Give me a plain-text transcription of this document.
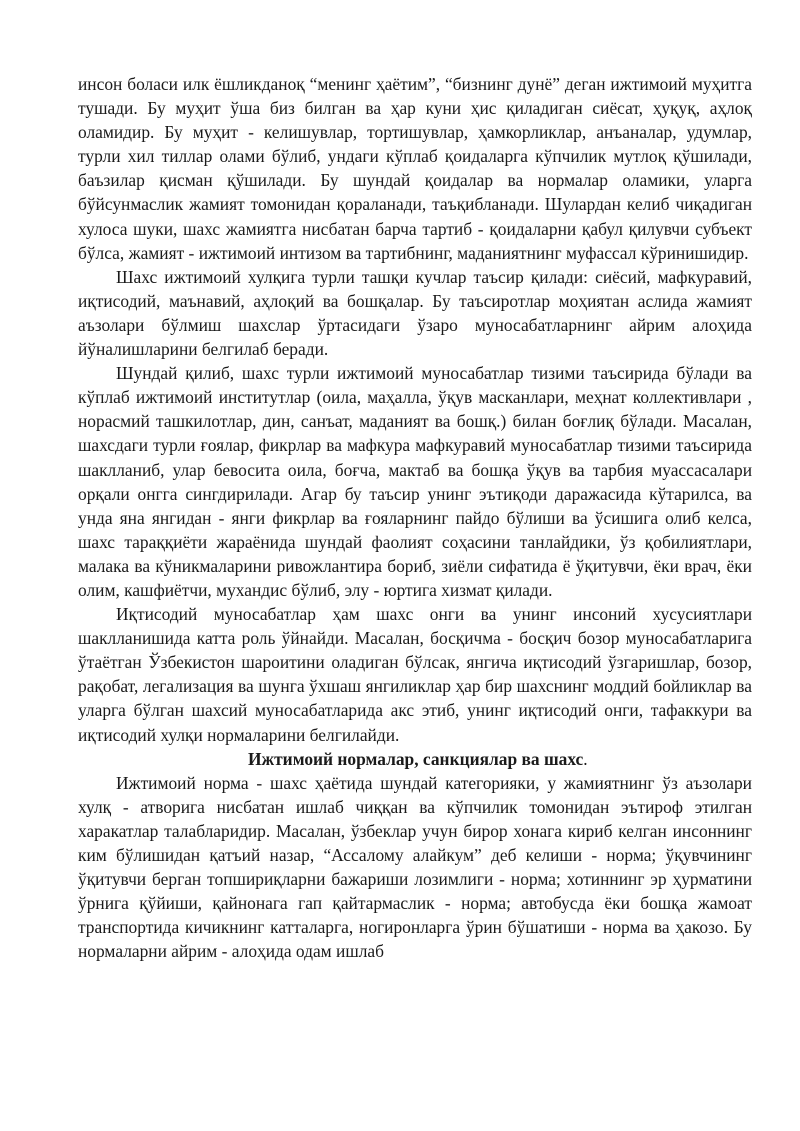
инсон боласи илк ёшликданоқ “менинг ҳаётим”, “бизнинг дунё” деган ижтимоий муҳитга тушади. Бу муҳит ўша биз билган ва ҳар куни ҳис қиладиган сиёсат, ҳуқуқ, аҳлоқ оламидир. Бу муҳит - келишувлар, тортишувлар, ҳамкорликлар, анъаналар, удумлар, турли хил тиллар олами бўлиб, ундаги кўплаб қоидаларга кўпчилик мутлоқ қўшилади, баъзилар қисман қўшилади. Бу шундай қоидалар ва нормалар оламики, уларга бўйсунмаслик жамият томонидан қораланади, таъқибланади. Шулардан келиб чиқадиган хулоса шуки, шахс жамиятга нисбатан барча тартиб - қоидаларни қабул қилувчи субъект бўлса, жамият - ижтимоий интизом ва тартибнинг, маданиятнинг муфассал кўринишидир.

Шахс ижтимоий хулқига турли ташқи кучлар таъсир қилади: сиёсий, мафкуравий, иқтисодий, маънавий, аҳлоқий ва бошқалар. Бу таъсиротлар моҳиятан аслида жамият аъзолари бўлмиш шахслар ўртасидаги ўзаро муносабатларнинг айрим алоҳида йўналишларини белгилаб беради.

Шундай қилиб, шахс турли ижтимоий муносабатлар тизими таъсирида бўлади ва кўплаб ижтимоий институтлар (оила, маҳалла, ўқув масканлари, меҳнат коллективлари , норасмий ташкилотлар, дин, санъат, маданият ва бошқ.) билан боғлиқ бўлади. Масалан, шахсдаги турли ғоялар, фикрлар ва мафкура мафкуравий муносабатлар тизими таъсирида шаклланиб, улар бевосита оила, боғча, мактаб ва бошқа ўқув ва тарбия муассасалари орқали онгга сингдирилади. Агар бу таъсир унинг эътиқоди даражасида кўтарилса, ва унда яна янгидан - янги фикрлар ва ғояларнинг пайдо бўлиши ва ўсишига олиб келса, шахс тараққиёти жараёнида шундай фаолият соҳасини танлайдики, ўз қобилиятлари, малака ва кўникмаларини ривожлантира бориб, зиёли сифатида ё ўқитувчи, ёки врач, ёки олим, кашфиётчи, мухандис бўлиб, элу - юртига хизмат қилади.

Иқтисодий муносабатлар ҳам шахс онги ва унинг инсоний хусусиятлари шаклланишида катта роль ўйнайди. Масалан, босқичма - босқич бозор муносабатларига ўтаётган Ўзбекистон шароитини оладиган бўлсак, янгича иқтисодий ўзгаришлар, бозор, рақобат, легализация ва шунга ўхшаш янгиликлар ҳар бир шахснинг моддий бойликлар ва уларга бўлган шахсий муносабатларида акс этиб, унинг иқтисодий онги, тафаккури ва иқтисодий хулқи нормаларини белгилайди.

Ижтимоий нормалар, санкциялар ва шахс.

Ижтимоий норма - шахс ҳаётида шундай категорияки, у жамиятнинг ўз аъзолари хулқ - атворига нисбатан ишлаб чиққан ва кўпчилик томонидан эътироф этилган харакатлар талабларидир. Масалан, ўзбеклар учун бирор хонага кириб келган инсоннинг ким бўлишидан қатъий назар, “Ассалому алайкум” деб келиши - норма; ўқувчининг ўқитувчи берган топшириқларни бажариши лозимлиги - норма; хотиннинг эр ҳурматини ўрнига қўйиши, қайнонага гап қайтармаслик - норма; автобусда ёки бошқа жамоат транспортида кичикнинг катталарга, ногиронларга ўрин бўшатиши - норма ва ҳакозо. Бу нормаларни айрим - алоҳида одам ишлаб
